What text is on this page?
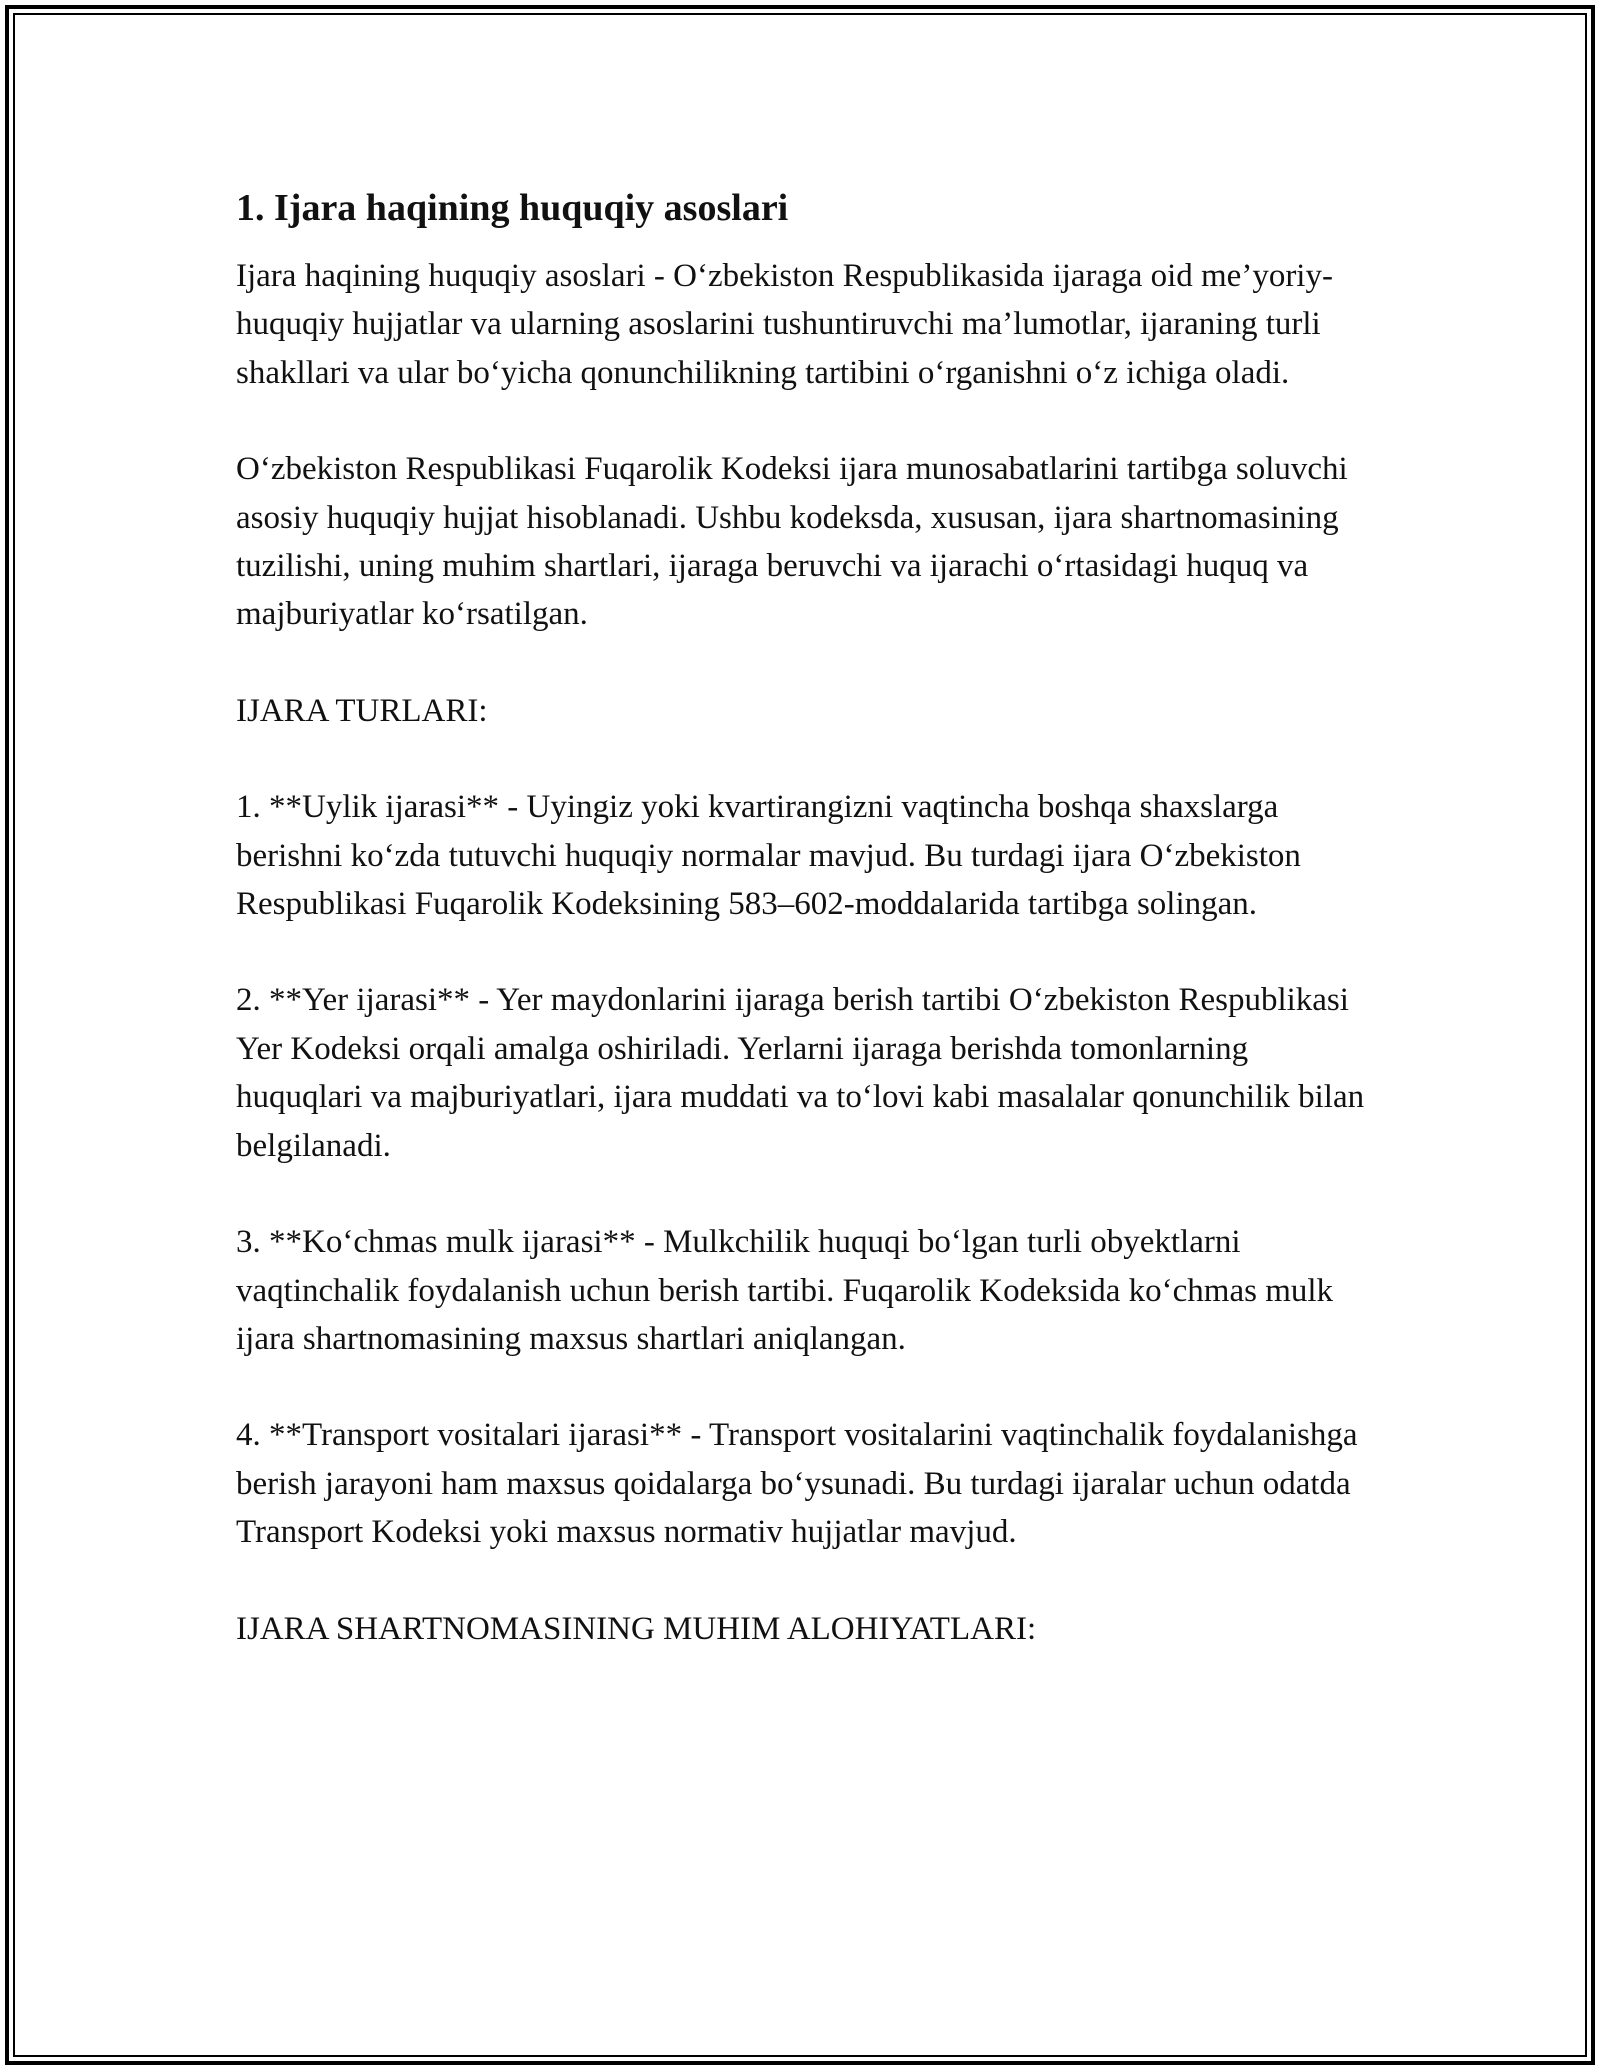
1. Ijara haqining huquqiy asoslari

Ijara haqining huquqiy asoslari - O‘zbekiston Respublikasida ijaraga oid me’yoriy-huquqiy hujjatlar va ularning asoslarini tushuntiruvchi ma’lumotlar, ijaraning turli shakllari va ular bo‘yicha qonunchilikning tartibini o‘rganishni o‘z ichiga oladi.

O‘zbekiston Respublikasi Fuqarolik Kodeksi ijara munosabatlarini tartibga soluvchi asosiy huquqiy hujjat hisoblanadi. Ushbu kodeksda, xususan, ijara shartnomasining tuzilishi, uning muhim shartlari, ijaraga beruvchi va ijarachi o‘rtasidagi huquq va majburiyatlar ko‘rsatilgan.

IJARA TURLARI:

1. **Uylik ijarasi** - Uyingiz yoki kvartirangizni vaqtincha boshqa shaxslarga berishni ko‘zda tutuvchi huquqiy normalar mavjud. Bu turdagi ijara O‘zbekiston Respublikasi Fuqarolik Kodeksining 583–602-moddalarida tartibga solingan.

2. **Yer ijarasi** - Yer maydonlarini ijaraga berish tartibi O‘zbekiston Respublikasi Yer Kodeksi orqali amalga oshiriladi. Yerlarni ijaraga berishda tomonlarning huquqlari va majburiyatlari, ijara muddati va to‘lovi kabi masalalar qonunchilik bilan belgilanadi.

3. **Ko‘chmas mulk ijarasi** - Mulkchilik huquqi bo‘lgan turli obyektlarni vaqtinchalik foydalanish uchun berish tartibi. Fuqarolik Kodeksida ko‘chmas mulk ijara shartnomasining maxsus shartlari aniqlangan.

4. **Transport vositalari ijarasi** - Transport vositalarini vaqtinchalik foydalanishga berish jarayoni ham maxsus qoidalarga bo‘ysunadi. Bu turdagi ijaralar uchun odatda Transport Kodeksi yoki maxsus normativ hujjatlar mavjud.

IJARA SHARTNOMASINING MUHIM ALOHIYATLARI:
